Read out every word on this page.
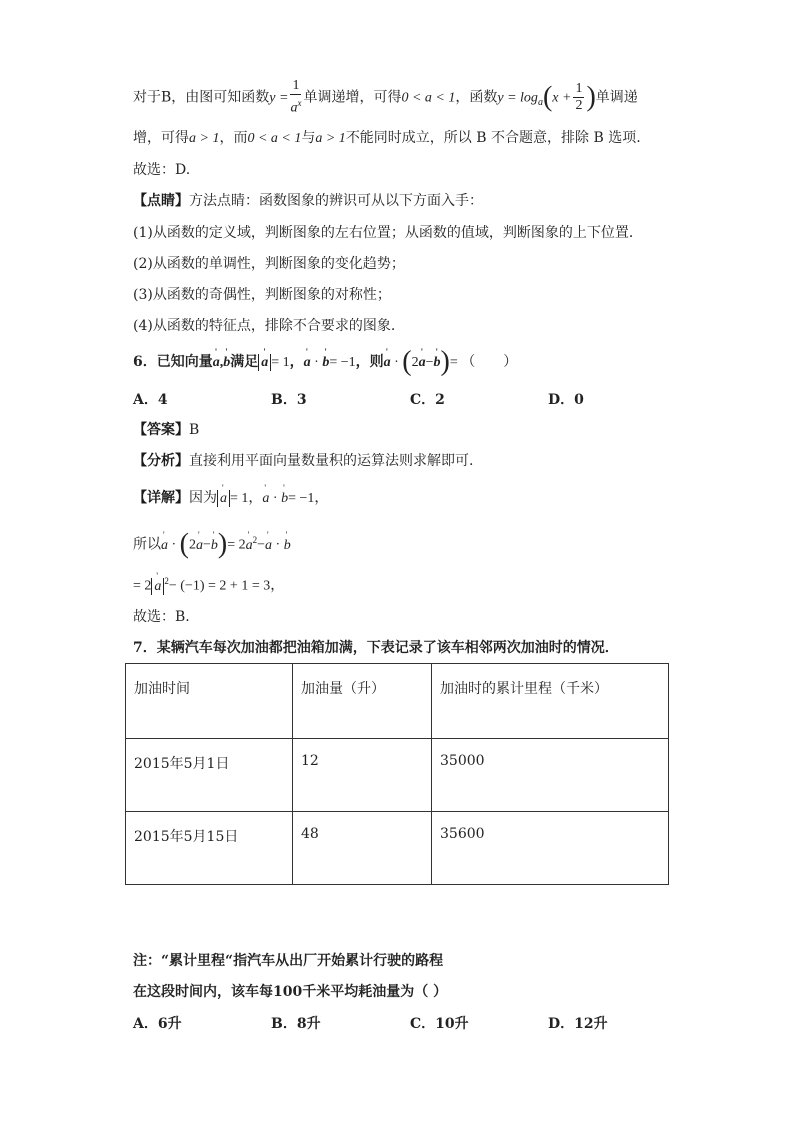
对于B，由图可知函数$y = \frac{1}{a^x}$ 单调递增，可得0 < a < 1，函数$y = \log_a(x + \frac{1}{2}$ )单调递
增，可得a > 1，而0 < a < 1与a > 1不能同时成立，所以 B 不合题意，排除 B 选项.
故选：D.
【点睛】方法点睛：函数图象的辨识可从以下方面入手：
(1)从函数的定义域，判断图象的左右位置；从函数的值域，判断图象的上下位置．
(2)从函数的单调性，判断图象的变化趋势；
(3)从函数的奇偶性，判断图象的对称性；
(4)从函数的特征点，排除不合要求的图象.
6．已知向量' a,' b满足 ' a = 1，' a · ' b= −1，则' a · (2' a−' b)= （　　）
A．4	B．3	C．2	D．0
【答案】B
【分析】直接利用平面向量数量积的运算法则求解即可.
【详解】因为 ' a = 1，' a · ' b= −1，
所以' a · (2' a−' b)= 2' $a^2-'$ a · ' b
= 2 ' a $^2$− (−1) = 2 + 1 = 3，
故选：B.
7．某辆汽车每次加油都把油箱加满，下表记录了该车相邻两次加油时的情况．
加油时间	加油量（升）	加油时的累计里程（千米）
2015年5月1日	12	35000
2015年5月15日	48	35600
注：“累计里程“指汽车从出厂开始累计行驶的路程
在这段时间内，该车每100千米平均耗油量为（ ）
A．6升	B．8升	C．10升	D．12升
